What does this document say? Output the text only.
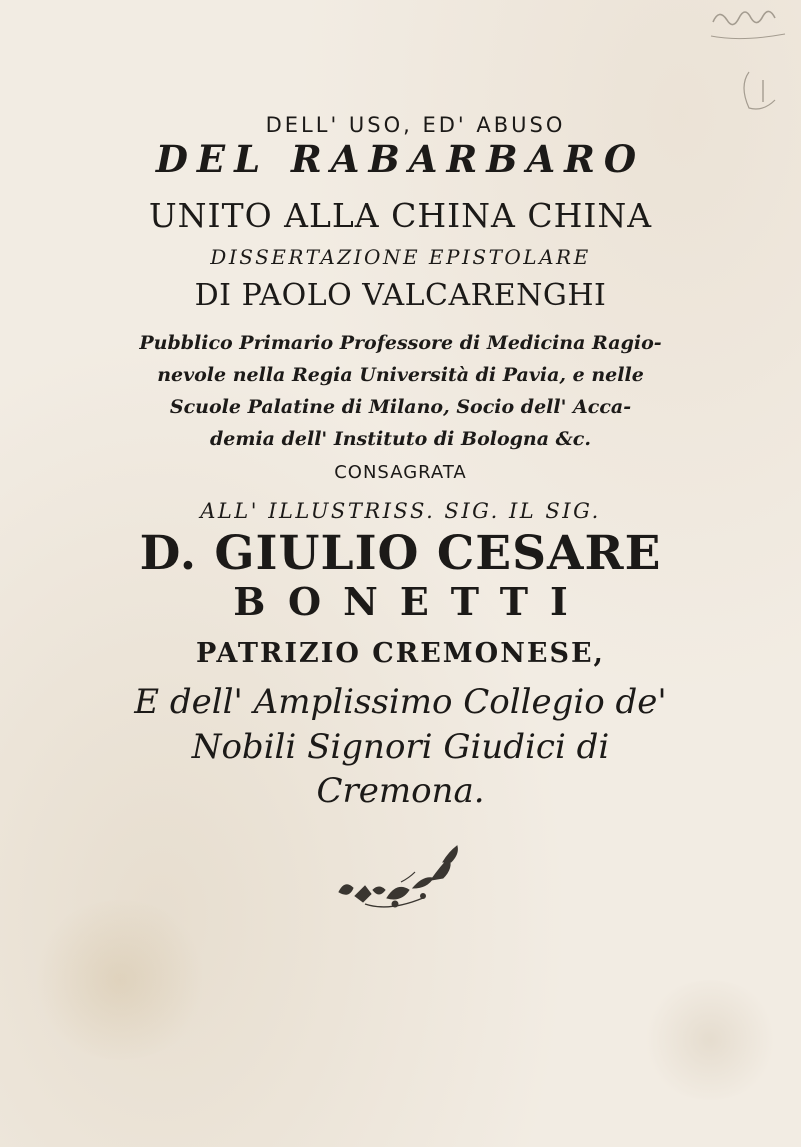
DELL' USO, ED' ABUSO
DEL RABARBARO
UNITO ALLA CHINA CHINA
DISSERTAZIONE EPISTOLARE
DI PAOLO VALCARENGHI
Pubblico Primario Professore di Medicina Ragio-
nevole nella Regia Università di Pavia, e nelle
Scuole Palatine di Milano, Socio dell' Acca-
demia dell' Instituto di Bologna &c.
CONSAGRATA
ALL' ILLUSTRISS. SIG. IL SIG.
D. GIULIO CESARE
BONETTI
PATRIZIO CREMONESE,
E dell' Amplissimo Collegio de'
Nobili Signori Giudici di
Cremona.
